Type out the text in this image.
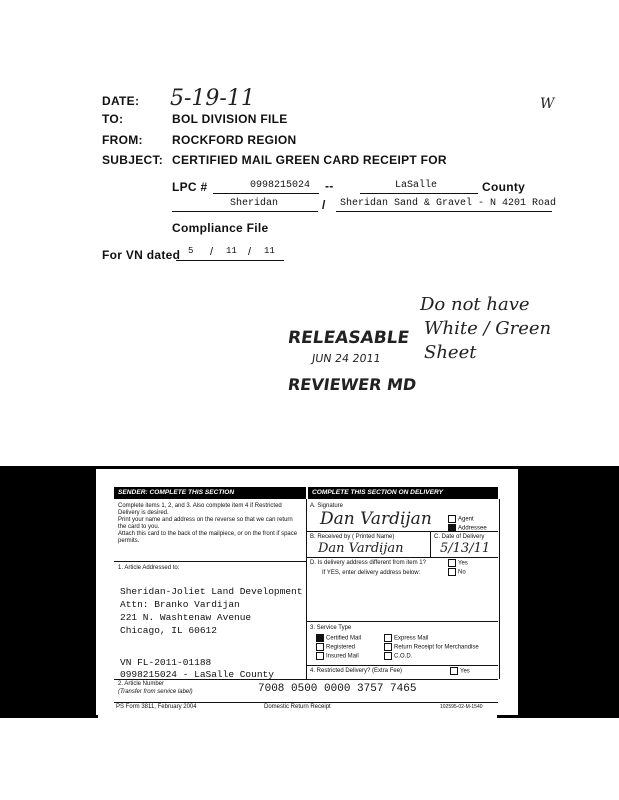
DATE: 5-19-11	W
TO:	BOL DIVISION FILE
FROM: ROCKFORD REGION
SUBJECT: CERTIFIED MAIL GREEN CARD RECEIPT FOR
LPC #	0998215024 --	LaSalle	County
Sheridan	/ Sheridan Sand & Gravel - N 4201 Road
Compliance File
For VN dated 5 / 11 / 11
Do not have
White / Green
Sheet
RELEASABLE
JUN 24 2011
REVIEWER MD
SENDER: COMPLETE THIS SECTION	COMPLETE THIS SECTION ON DELIVERY
Complete items 1, 2, and 3. Also complete item 4 if Restricted Delivery is desired.
Print your name and address on the reverse so that we can return the card to you.
Attach this card to the back of the mailpiece, or on the front if space permits.
1. Article Addressed to:
Sheridan-Joliet Land Development
Attn: Branko Vardijan
221 N. Washtenaw Avenue
Chicago, IL 60612
VN FL-2011-01188
0998215024 - LaSalle County
A. Signature
Dan Vardijan	Agent
Addressee
B. Received by ( Printed Name)
Dan Vardijan
C. Date of Delivery
5/13/11
D. Is delivery address different from item 1?	Yes
If YES, enter delivery address below:	No
3. Service Type
Certified Mail	Express Mail
Registered	Return Receipt for Merchandise
Insured Mail	C.O.D.
4. Restricted Delivery? (Extra Fee)	Yes
2. Article Number
(Transfer from service label)	7008 0500 0000 3757 7465
PS Form 3811, February 2004	Domestic Return Receipt	102595-02-M-1540
